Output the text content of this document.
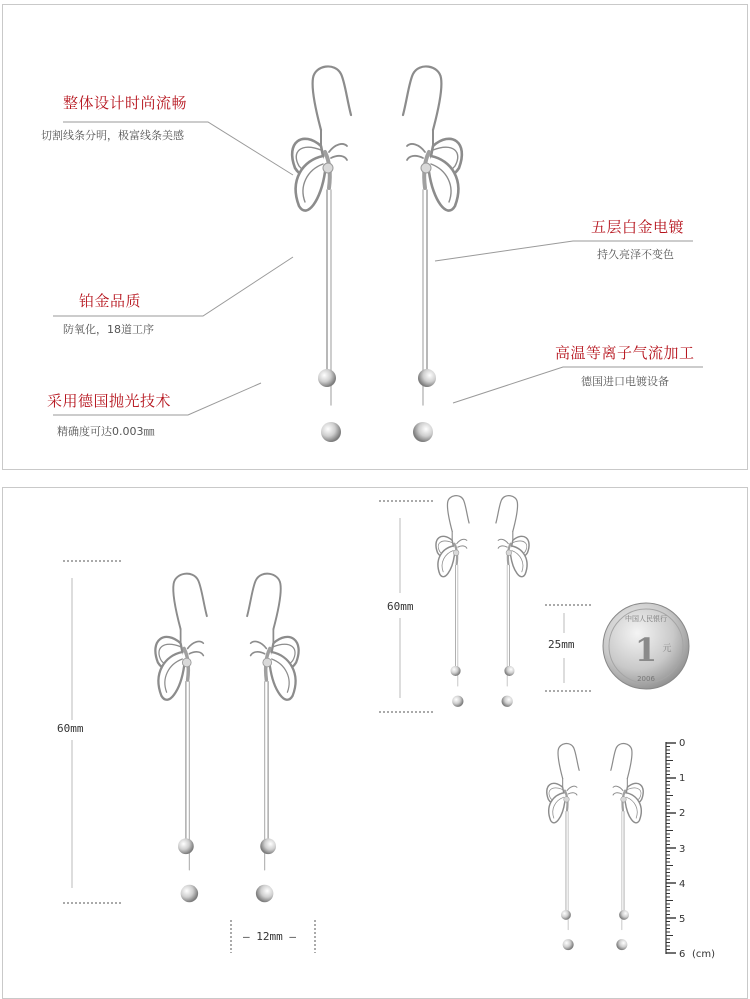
整体设计时尚流畅
切割线条分明，极富线条美感
五层白金电镀
持久亮泽不变色
铂金品质
防氧化，18道工序
高温等离子气流加工
德国进口电镀设备
采用德国抛光技术
精确度可达0.003㎜
60mm
— 12mm —
60mm
25mm
中国人民银行
1 元
2006
0
1
2
3
4
5
6 (cm)
